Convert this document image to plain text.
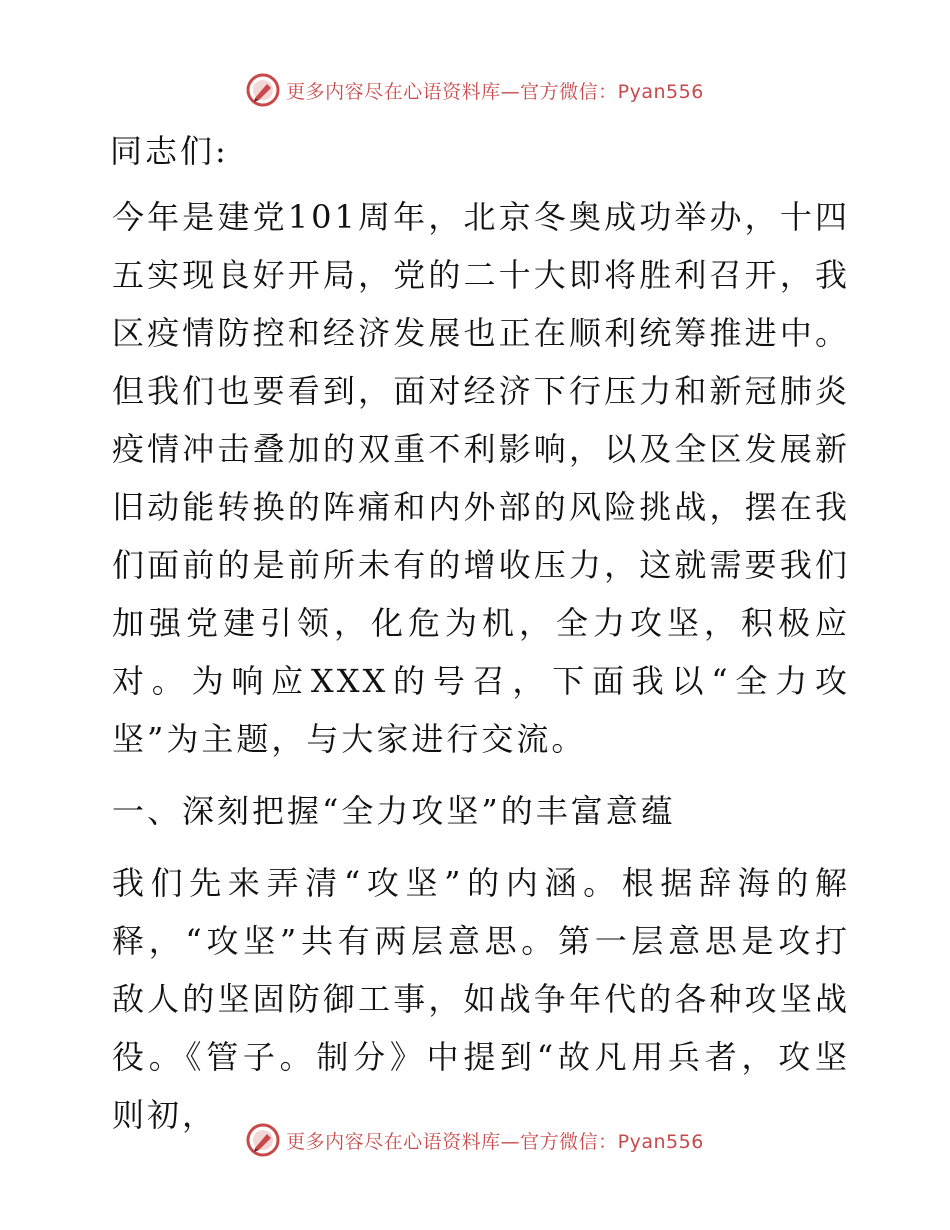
更多内容尽在心语资料库—官方微信：Pyan556

同志们:

今年是建党101周年，北京冬奥成功举办，十四五实现良好开局，党的二十大即将胜利召开，我区疫情防控和经济发展也正在顺利统筹推进中。但我们也要看到，面对经济下行压力和新冠肺炎疫情冲击叠加的双重不利影响，以及全区发展新旧动能转换的阵痛和内外部的风险挑战，摆在我们面前的是前所未有的增收压力，这就需要我们加强党建引领，化危为机，全力攻坚，积极应对。为响应XXX的号召，下面我以“全力攻坚”为主题，与大家进行交流。

一、深刻把握“全力攻坚”的丰富意蕴

我们先来弄清“攻坚”的内涵。根据辞海的解释，“攻坚”共有两层意思。第一层意思是攻打敌人的坚固防御工事，如战争年代的各种攻坚战役。《管子。制分》中提到“故凡用兵者，攻坚则初，

更多内容尽在心语资料库—官方微信：Pyan556
